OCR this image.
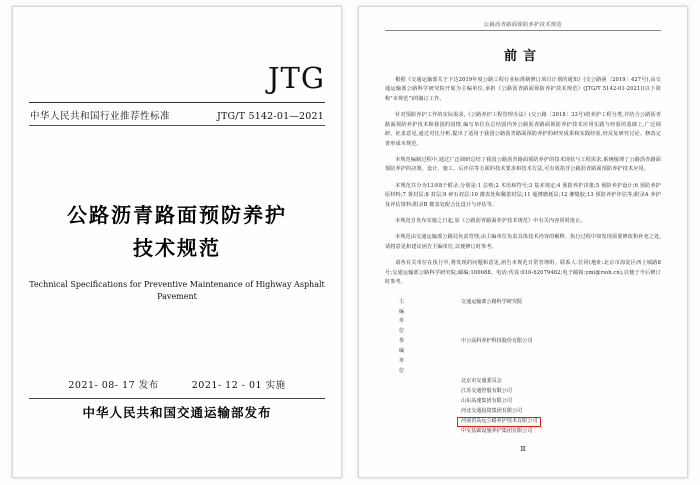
JTG
中华人民共和国行业推荐性标准	JTG/T 5142-01—2021
公路沥青路面预防养护
技术规范
Technical Specifications for Preventive Maintenance of Highway Asphalt
Pavement
2021- 08- 17 发布	2021- 12 - 01 实施
中华人民共和国交通运输部发布
公路沥青路面预防养护技术规范
前言

根据《交通运输部关于下达2019年度公路工程行业标准制修订项目计划的通知》(交公路函〔2019〕427号),由交通运输部公路科学研究院开展为主编单位,承担《公路沥青路面预防养护技术规范》(JTG/T 5142-01-2021)(以下简称"本规范")的制订工作。

针对预防养护工作的实际需求,《公路养护工程管理办法》(交公路〔2018〕33号)的养护工程分类,并结合公路沥青路面预防养护技术和我国的国情,编写单位在总结国内外公路沥青路面预防养护技术应用实践与经验的基础上,广泛调研、征求意见,通过对比分析,提出了适用于我国公路沥青路面预防养护的研究成果和实践经验,经反复研究讨论、修改完善形成本规范。

本规范编制过程中,通过广泛调研总结了我国公路沥青路面预防养护的技术现状与工程需求,系统梳理了公路沥青路面预防养护的决策、设计、施工、后评估等方面的技术要求和技术方法,可有效指导公路沥青路面预防养护技术应用。

本规范共分为13章8个附录,分别是:1 总则;2 术语和符号;3 基本规定;4 预防养护决策;5 预防养护设计;6 预防养护原材料;7 雾封层;8 封层;9 碎石封层;10 微表处和稀浆封层;11 超薄磨耗层;12 灌缝胶;13 预防养护评估等;附录A 养护及评估资料;附录B 微表处配合比设计与评估等。

本规范自发布实施之日起,原《公路沥青路面养护技术规范》中有关内容同时废止。

本规范由交通运输部公路局负责管理,由主编单位负责具体技术内容的解释。执行过程中如发现需要修改和补充之处,请将意见和建议函告主编单位,以便修订时参考。

请各有关单位在执行中,将发现的问题和意见,函告本规范日常管理组。联系人:位同(地址:北京市海淀区西土城路8号;交通运输部公路科学研究院;邮编:100088。电话:传真:010-62079462;电子邮箱:ymi@rioh.cn),以便于今后修订时参考。

主 编 单 位
交通运输部公路科学研究院
参 编 单 位
中公高科养护科技股份有限公司
北京市交通委员会
江苏交通控股有限公司
山东高速集团有限公司
河北交通投资集团有限公司
河南省高远公路养护技术有限公司
中交基础设施养护集团有限公司
Ⅲ
